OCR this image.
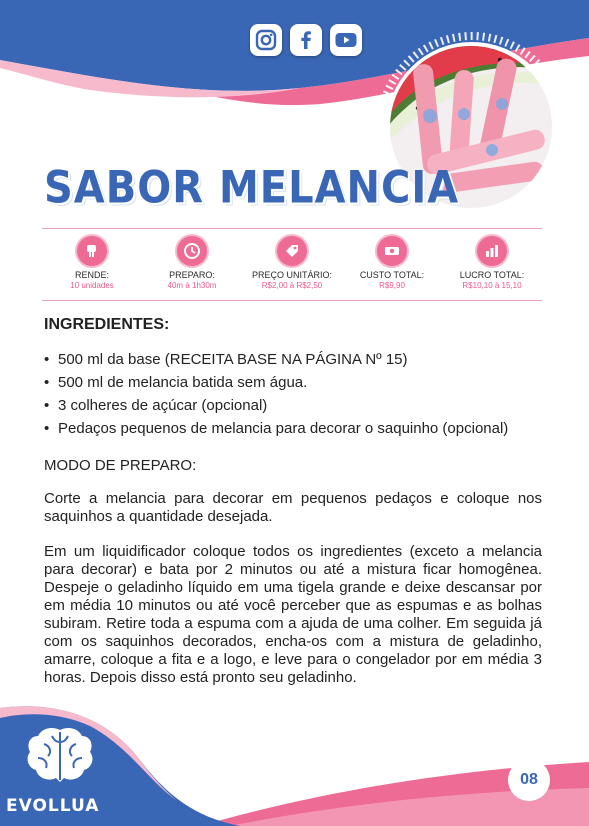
SABOR MELANCIA
RENDE:
10 unidades
PREPARO:
40m à 1h30m
PREÇO UNITÁRIO:
R$2,00 à R$2,50
CUSTO TOTAL:
R$9,90
LUCRO TOTAL:
R$10,10 à 15,10
INGREDIENTES:
• 500 ml da base (RECEITA BASE NA PÁGINA Nº 15)
• 500 ml de melancia batida sem água.
• 3 colheres de açúcar (opcional)
• Pedaços pequenos de melancia para decorar o saquinho (opcional)
MODO DE PREPARO:

Corte a melancia para decorar em pequenos pedaços e coloque nos saquinhos a quantidade desejada.

Em um liquidificador coloque todos os ingredientes (exceto a melancia para decorar) e bata por 2 minutos ou até a mistura ficar homogênea. Despeje o geladinho líquido em uma tigela grande e deixe descansar por em média 10 minutos ou até você perceber que as espumas e as bolhas subiram. Retire toda a espuma com a ajuda de uma colher. Em seguida já com os saquinhos decorados, encha-os com a mistura de geladinho, amarre, coloque a fita e a logo, e leve para o congelador por em média 3 horas. Depois disso está pronto seu geladinho.

EVOLLUA
08
